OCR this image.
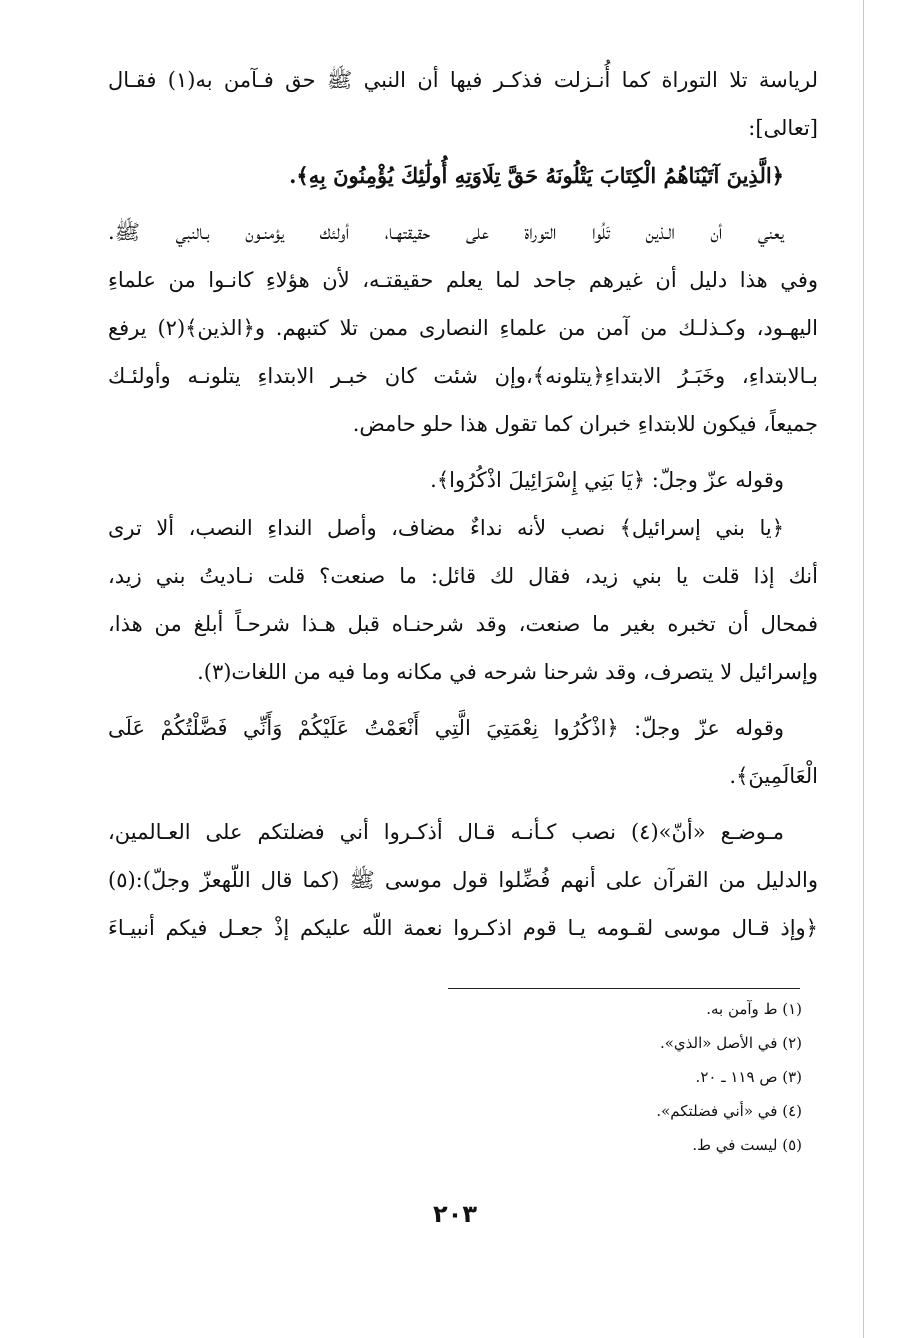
لرياسة تلا التوراة كما أُنـزلت فذكـر فيها أن النبي ﷺ حق فـآمن به(١) فقـال
[تعالى]:
﴿الَّذِينَ آتَيْنَاهُمُ الْكِتَابَ يَتْلُونَهُ حَقَّ تِلَاوَتِهِ أُولَٰئِكَ يُؤْمِنُونَ بِهِ﴾.
يعني أن الـذين تَلُوا التوراة على حقيقتهـا، أولئك يؤمنـون بـالنبي ﷺ.
وفي هذا دليل أن غيرهم جاحد لما يعلم حقيقتـه، لأن هؤلاءِ كانـوا من علماءِ
اليهـود، وكـذلـك من آمن من علماءِ النصارى ممن تلا كتبهم. و﴿الذين﴾(٢) يرفع
بـالابتداءِ، وخَبَـرُ الابتداءِ﴿يتلونه﴾،وإن شئت كان خبـر الابتداءِ يتلونـه وأولئـك
جميعاً، فيكون للابتداءِ خبران كما تقول هذا حلو حامض.
وقوله عزّ وجلّ: ﴿يَا بَنِي إِسْرَائِيلَ اذْكُرُوا﴾.
﴿يا بني إسرائيل﴾ نصب لأنه نداءٌ مضاف، وأصل النداءِ النصب، ألا ترى
أنك إذا قلت يا بني زيد، فقال لك قائل: ما صنعت؟ قلت نـاديتُ بني زيد،
فمحال أن تخبره بغير ما صنعت، وقد شرحنـاه قبل هـذا شرحـاً أبلغ من هذا،
وإسرائيل لا يتصرف، وقد شرحنا شرحه في مكانه وما فيه من اللغات(٣).
وقوله عزّ وجلّ: ﴿اذْكُرُوا نِعْمَتِيَ الَّتِي أَنْعَمْتُ عَلَيْكُمْ وَأَنِّي فَضَّلْتُكُمْ عَلَى
الْعَالَمِينَ﴾.
مـوضـع «أنّ»(٤) نصب كـأنـه قـال أذكـروا أني فضلتكم على العـالمين،
والدليل من القرآن على أنهم فُضِّلوا قول موسى ﷺ (كما قال اللّهعزّ وجلّ):(٥)
﴿وإذ قـال موسى لقـومه يـا قوم اذكـروا نعمة اللّه عليكم إذْ جعـل فيكم أنبيـاءَ
(١) ط وآمن به.
(٢) في الأصل «الذي».
(٣) ص ١١٩ ـ ٢٠.
(٤) في «أني فضلتكم».
(٥) ليست في ط.
٢٠٣
